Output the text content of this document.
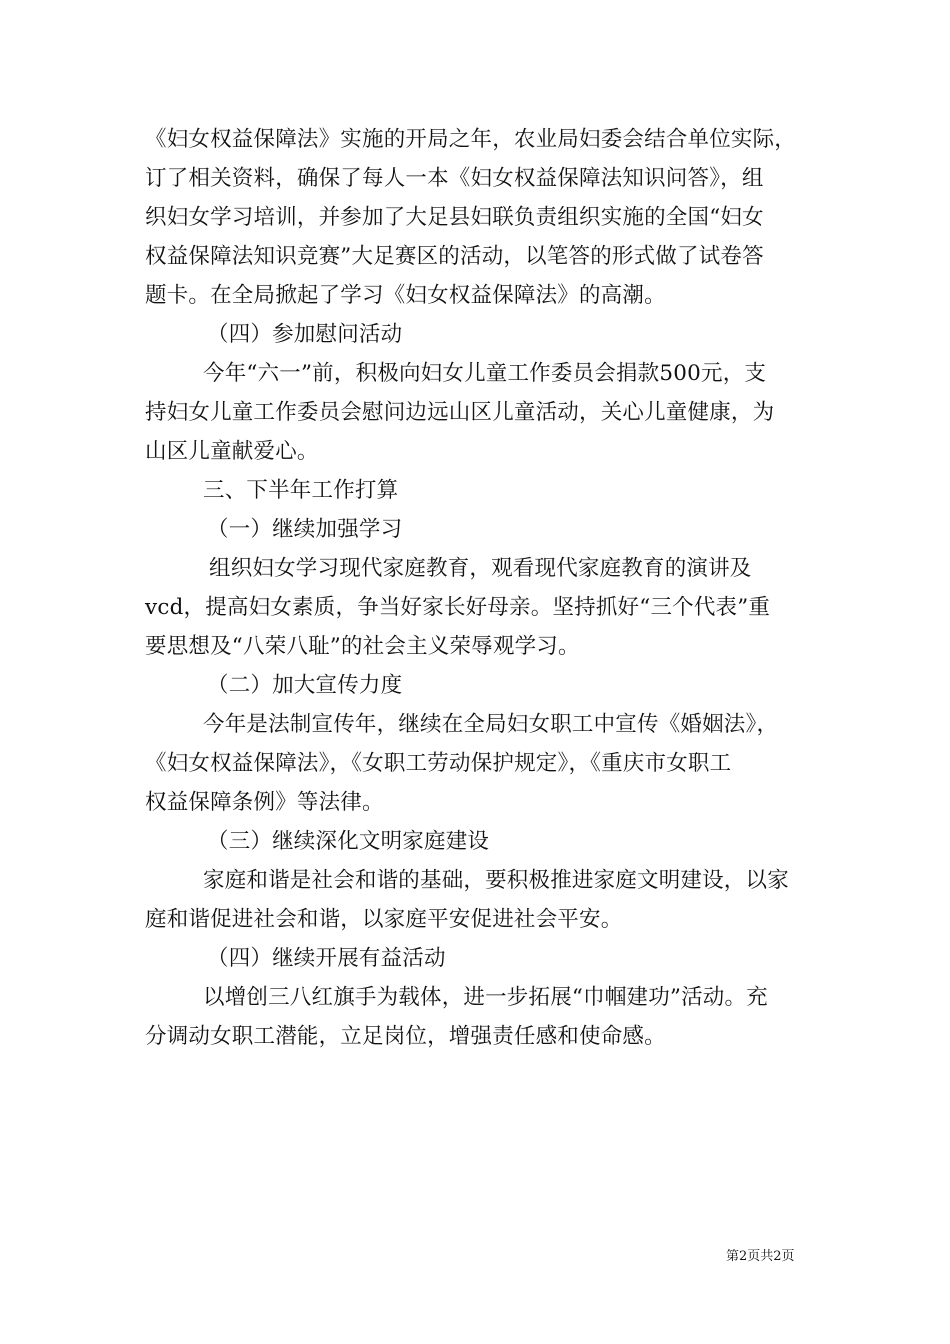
《妇女权益保障法》实施的开局之年，农业局妇委会结合单位实际，
订了相关资料，确保了每人一本《妇女权益保障法知识问答》，组
织妇女学习培训，并参加了大足县妇联负责组织实施的全国“妇女
权益保障法知识竞赛”大足赛区的活动，以笔答的形式做了试卷答
题卡。在全局掀起了学习《妇女权益保障法》的高潮。
（四）参加慰问活动
今年“六一”前，积极向妇女儿童工作委员会捐款500元，支
持妇女儿童工作委员会慰问边远山区儿童活动，关心儿童健康，为
山区儿童献爱心。
三、下半年工作打算
（一）继续加强学习
组织妇女学习现代家庭教育，观看现代家庭教育的演讲及
vcd，提高妇女素质，争当好家长好母亲。坚持抓好“三个代表”重
要思想及“八荣八耻”的社会主义荣辱观学习。
（二）加大宣传力度
今年是法制宣传年，继续在全局妇女职工中宣传《婚姻法》，
《妇女权益保障法》，《女职工劳动保护规定》，《重庆市女职工
权益保障条例》等法律。
（三）继续深化文明家庭建设
家庭和谐是社会和谐的基础，要积极推进家庭文明建设，以家
庭和谐促进社会和谐，以家庭平安促进社会平安。
（四）继续开展有益活动
以增创三八红旗手为载体，进一步拓展“巾帼建功”活动。充
分调动女职工潜能，立足岗位，增强责任感和使命感。
第2页共2页
